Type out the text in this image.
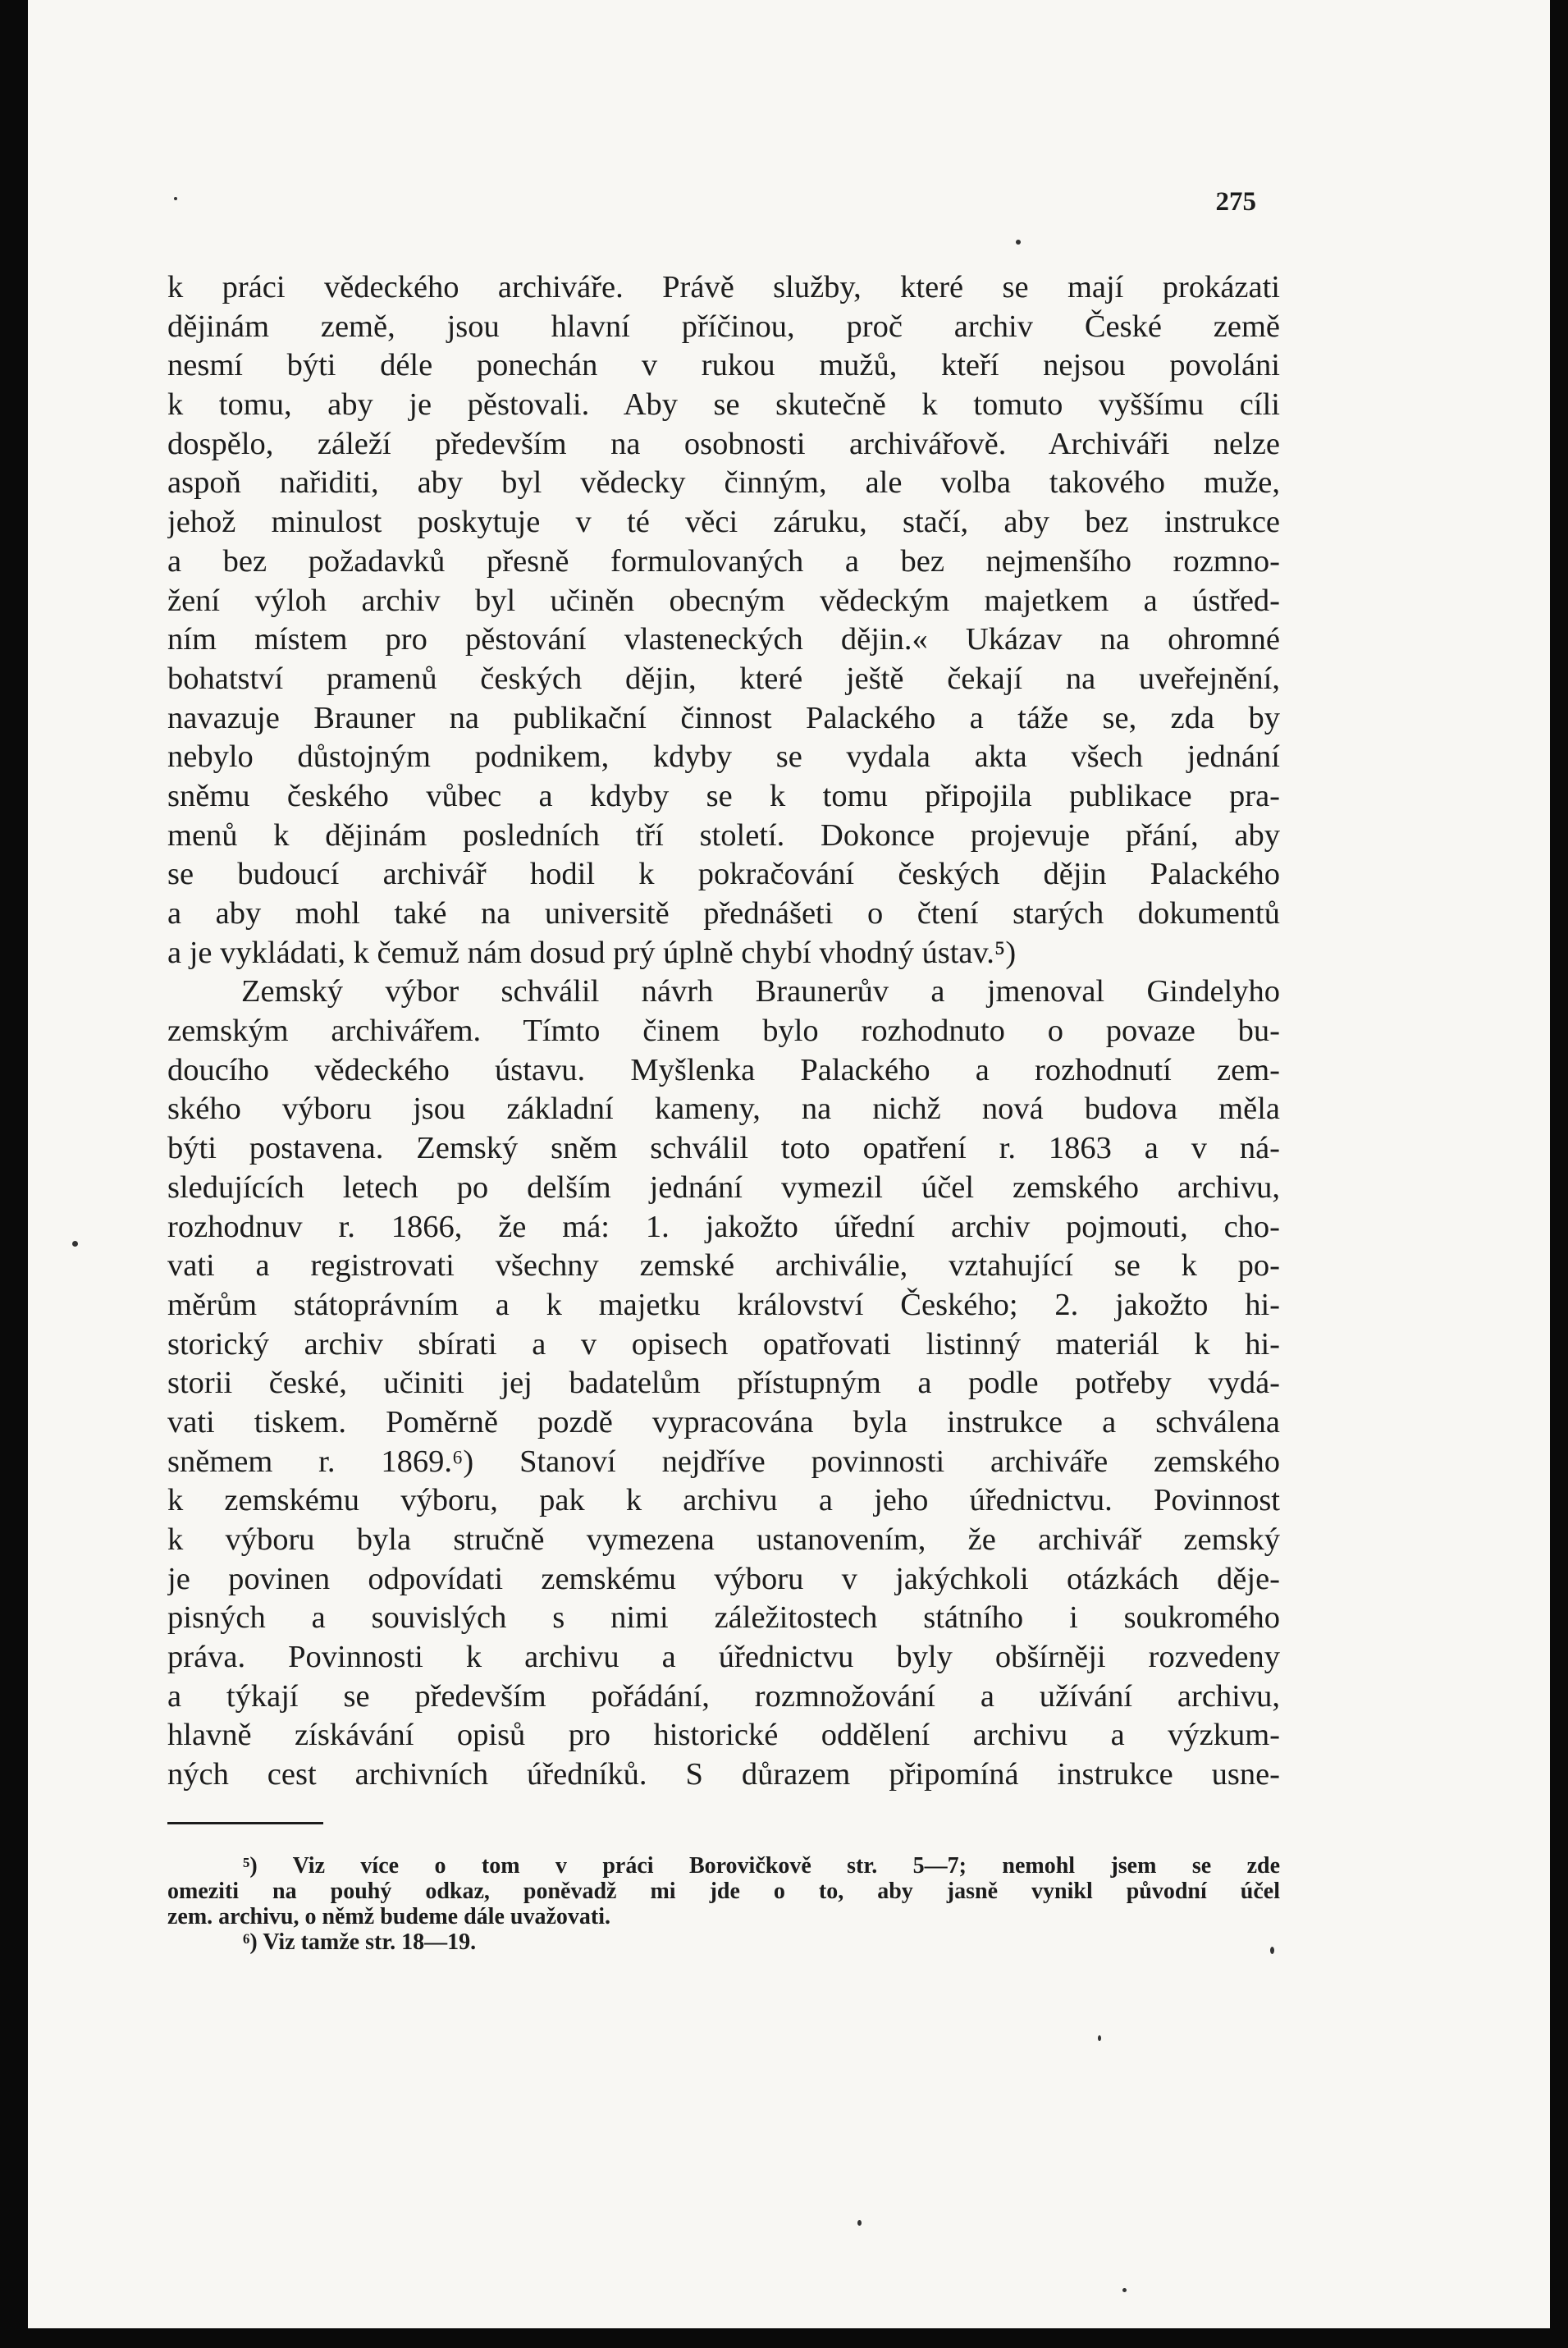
275
k práci vědeckého archiváře. Právě služby, které se mají prokázati
dějinám země, jsou hlavní příčinou, proč archiv České země
nesmí býti déle ponechán v rukou mužů, kteří nejsou povoláni
k tomu, aby je pěstovali. Aby se skutečně k tomuto vyššímu cíli
dospělo, záleží především na osobnosti archivářově. Archiváři nelze
aspoň nařiditi, aby byl vědecky činným, ale volba takového muže,
jehož minulost poskytuje v té věci záruku, stačí, aby bez instrukce
a bez požadavků přesně formulovaných a bez nejmenšího rozmno-
žení výloh archiv byl učiněn obecným vědeckým majetkem a ústřed-
ním místem pro pěstování vlasteneckých dějin.« Ukázav na ohromné
bohatství pramenů českých dějin, které ještě čekají na uveřejnění,
navazuje Brauner na publikační činnost Palackého a táže se, zda by
nebylo důstojným podnikem, kdyby se vydala akta všech jednání
sněmu českého vůbec a kdyby se k tomu připojila publikace pra-
menů k dějinám posledních tří století. Dokonce projevuje přání, aby
se budoucí archivář hodil k pokračování českých dějin Palackého
a aby mohl také na universitě přednášeti o čtení starých dokumentů
a je vykládati, k čemuž nám dosud prý úplně chybí vhodný ústav.⁵)
Zemský výbor schválil návrh Braunerův a jmenoval Gindelyho
zemským archivářem. Tímto činem bylo rozhodnuto o povaze bu-
doucího vědeckého ústavu. Myšlenka Palackého a rozhodnutí zem-
ského výboru jsou základní kameny, na nichž nová budova měla
býti postavena. Zemský sněm schválil toto opatření r. 1863 a v ná-
sledujících letech po delším jednání vymezil účel zemského archivu,
rozhodnuv r. 1866, že má: 1. jakožto úřední archiv pojmouti, cho-
vati a registrovati všechny zemské archiválie, vztahující se k po-
měrům státoprávním a k majetku království Českého; 2. jakožto hi-
storický archiv sbírati a v opisech opatřovati listinný materiál k hi-
storii české, učiniti jej badatelům přístupným a podle potřeby vydá-
vati tiskem. Poměrně pozdě vypracována byla instrukce a schválena
sněmem r. 1869.⁶) Stanoví nejdříve povinnosti archiváře zemského
k zemskému výboru, pak k archivu a jeho úřednictvu. Povinnost
k výboru byla stručně vymezena ustanovením, že archivář zemský
je povinen odpovídati zemskému výboru v jakýchkoli otázkách děje-
pisných a souvislých s nimi záležitostech státního i soukromého
práva. Povinnosti k archivu a úřednictvu byly obšírněji rozvedeny
a týkají se především pořádání, rozmnožování a užívání archivu,
hlavně získávání opisů pro historické oddělení archivu a výzkum-
ných cest archivních úředníků. S důrazem připomíná instrukce usne-
⁵) Viz více o tom v práci Borovičkově str. 5—7; nemohl jsem se zde
omeziti na pouhý odkaz, poněvadž mi jde o to, aby jasně vynikl původní účel
zem. archivu, o němž budeme dále uvažovati.
⁶) Viz tamže str. 18—19.
